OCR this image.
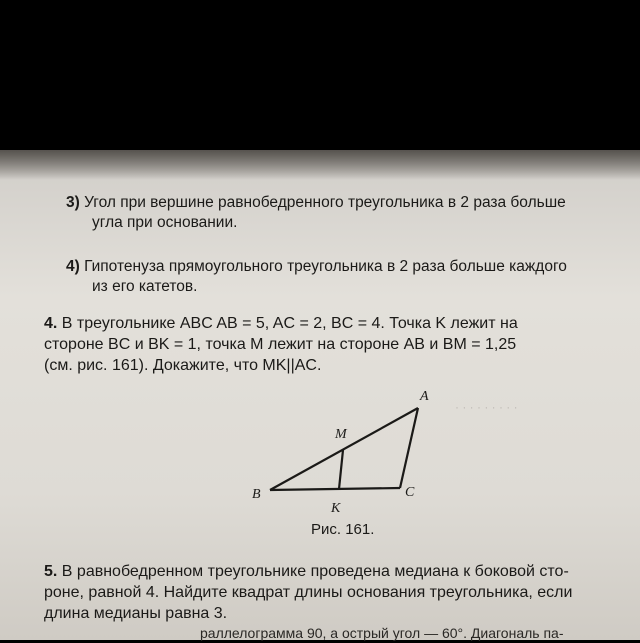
3) Угол при вершине равнобедренного треугольника в 2 раза больше
угла при основании.
4) Гипотенуза прямоугольного треугольника в 2 раза больше каждого
из его катетов.
4. В треугольнике ABC AB = 5, AC = 2, BC = 4. Точка K лежит на
стороне BC и BK = 1, точка M лежит на стороне AB и BM = 1,25
(см. рис. 161). Докажите, что MK||AC.
· · · · · · · · ·
A
B	C
M
K
Рис. 161.
5. В равнобедренном треугольнике проведена медиана к боковой сто-
роне, равной 4. Найдите квадрат длины основания треугольника, если
длина медианы равна 3.
раллелограмма 90, а острый угол — 60°. Диагональ па-
